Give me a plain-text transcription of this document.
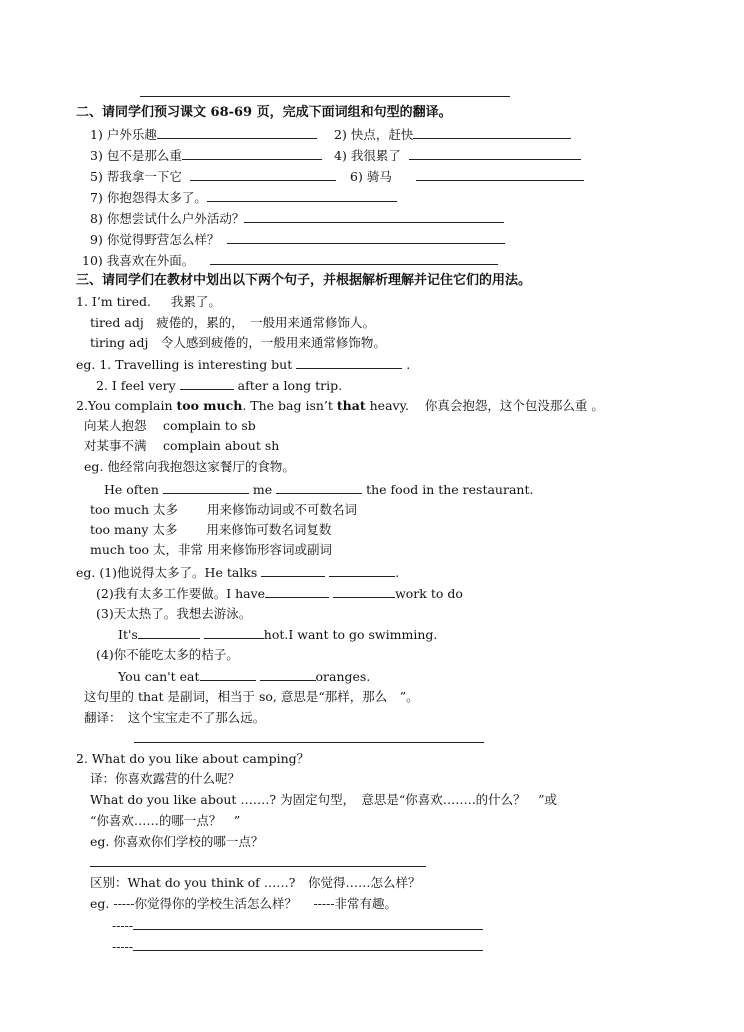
二、请同学们预习课文 68-69 页，完成下面词组和句型的翻译。
1) 户外乐趣	2) 快点，赶快
3) 包不是那么重	4) 我很累了
5) 帮我拿一下它	6) 骑马
7) 你抱怨得太多了。
8) 你想尝试什么户外活动？
9) 你觉得野营怎么样？
10) 我喜欢在外面。
三、请同学们在教材中划出以下两个句子，并根据解析理解并记住它们的用法。
1. I’m tired. 我累了。
tired adj　疲倦的，累的，　一般用来通常修饰人。
tiring adj　令人感到疲倦的，一般用来通常修饰物。
eg. 1. Travelling is interesting but	.
2. I feel very	after a long trip.
2.You complain too much. The bag isn’t that heavy. 你真会抱怨，这个包没那么重 。
向某人抱怨　 complain to sb
对某事不满　 complain about sh
eg. 他经常向我抱怨这家餐厅的食物。
He often	me	the food in the restaurant.
too much 太多　　 用来修饰动词或不可数名词
too many 太多　　 用来修饰可数名词复数
much too 太，非常 用来修饰形容词或副词
eg. (1)他说得太多了。He talks	.
(2)我有太多工作要做。I have	work to do
(3)天太热了。我想去游泳。
It's	hot.I want to go swimming.
(4)你不能吃太多的桔子。
You can't eat	oranges.
这句里的 that 是副词，相当于 so, 意思是“那样，那么　”。
翻译：　这个宝宝走不了那么远。
2. What do you like about camping？
译：你喜欢露营的什么呢？
What do you like about …….? 为固定句型，　意思是“你喜欢……..的什么？　”或
“你喜欢……的哪一点？　”
eg. 你喜欢你们学校的哪一点？
区别：What do you think of ……?　你觉得……怎么样？
eg. -----你觉得你的学校生活怎么样？　 -----非常有趣。
-----
-----
